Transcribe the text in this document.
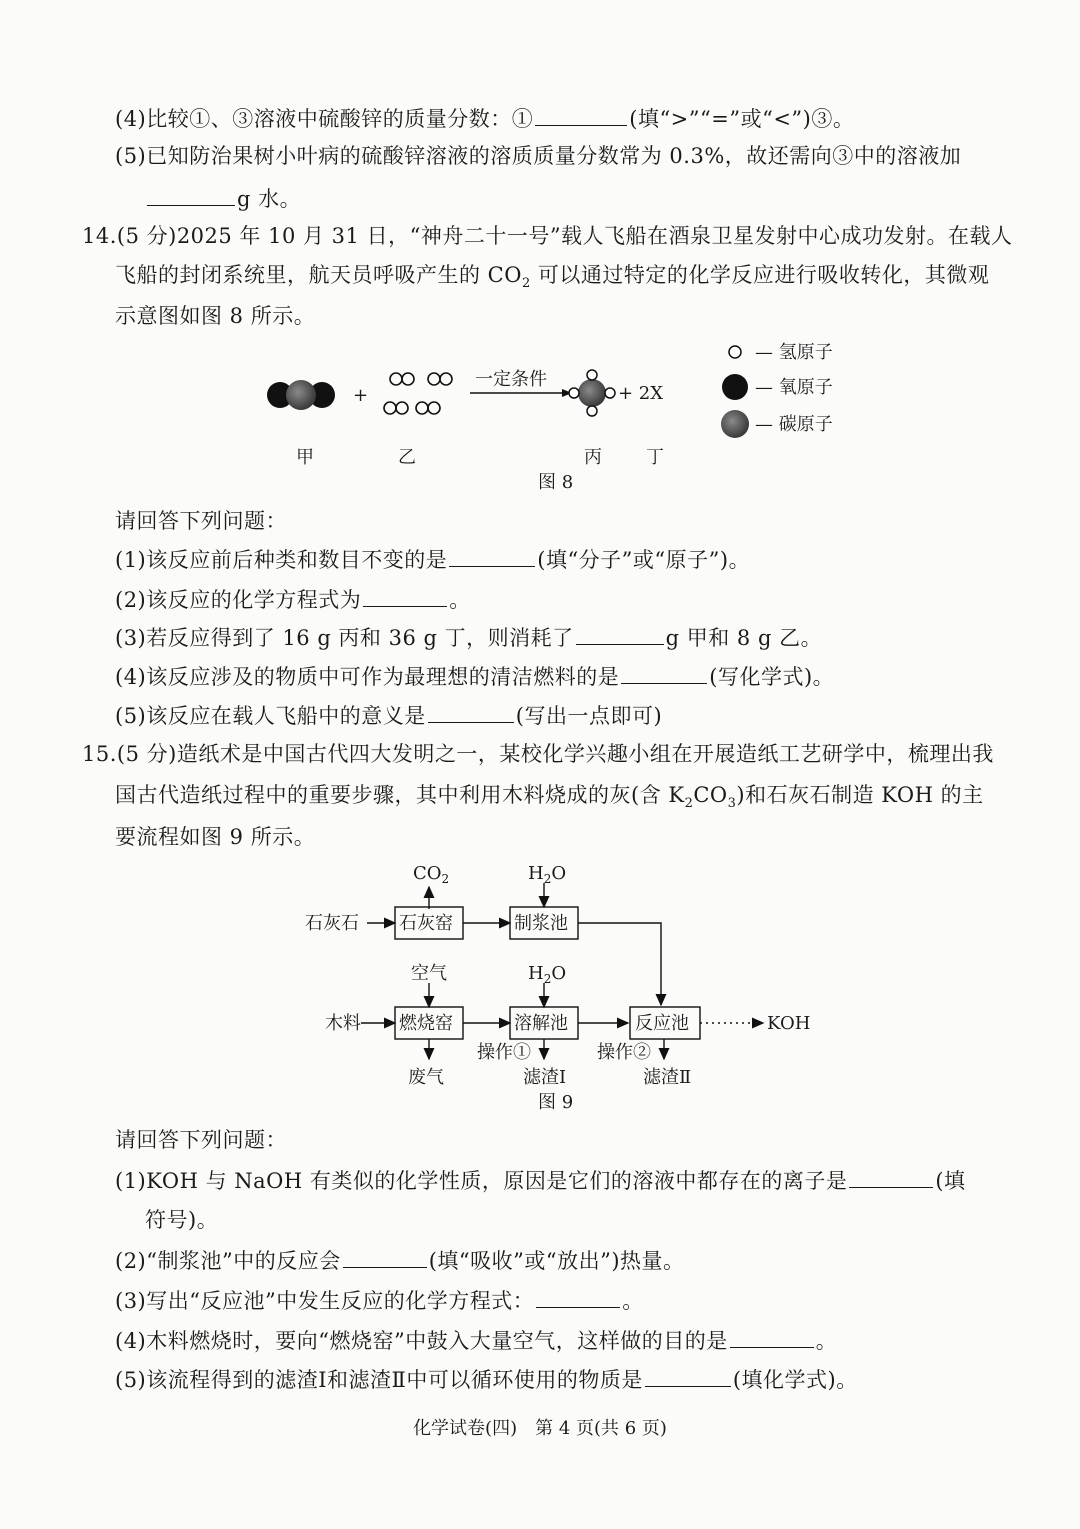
(4)比较①、③溶液中硫酸锌的质量分数：①	(填“>”“=”或“<”)③。
(5)已知防治果树小叶病的硫酸锌溶液的溶质质量分数常为 0.3%，故还需向③中的溶液加
g 水。
14.(5 分)2025 年 10 月 31 日，“神舟二十一号”载人飞船在酒泉卫星发射中心成功发射。在载人
飞船的封闭系统里，航天员呼吸产生的 $CO_2$ 可以通过特定的化学反应进行吸收转化，其微观
示意图如图 8 所示。
+
一定条件
+ 2X
甲	乙	丙 丁
— 氢原子
— 氧原子
— 碳原子
图 8
请回答下列问题：
(1)该反应前后种类和数目不变的是	(填“分子”或“原子”)。
(2)该反应的化学方程式为	。
(3)若反应得到了 16 g 丙和 36 g 丁，则消耗了	g 甲和 8 g 乙。
(4)该反应涉及的物质中可作为最理想的清洁燃料的是	(写化学式)。
(5)该反应在载人飞船中的意义是	(写出一点即可)
15.(5 分)造纸术是中国古代四大发明之一，某校化学兴趣小组在开展造纸工艺研学中，梳理出我
国古代造纸过程中的重要步骤，其中利用木料烧成的灰(含 $K_2CO_3$)和石灰石制造 KOH 的主
要流程如图 9 所示。
$CO_2$	$H_2O$
石灰石 石灰窑	制浆池
空气	$H_2O$
木料 燃烧窑	溶解池	反应池	KOH
操作①	操作②
废气	滤渣Ⅰ	滤渣Ⅱ
图 9
请回答下列问题：
(1)KOH 与 NaOH 有类似的化学性质，原因是它们的溶液中都存在的离子是	(填
符号)。
(2)“制浆池”中的反应会	(填“吸收”或“放出”)热量。
(3)写出“反应池”中发生反应的化学方程式：	。
(4)木料燃烧时，要向“燃烧窑”中鼓入大量空气，这样做的目的是	。
(5)该流程得到的滤渣Ⅰ和滤渣Ⅱ中可以循环使用的物质是	(填化学式)。
化学试卷(四)　第 4 页(共 6 页)
